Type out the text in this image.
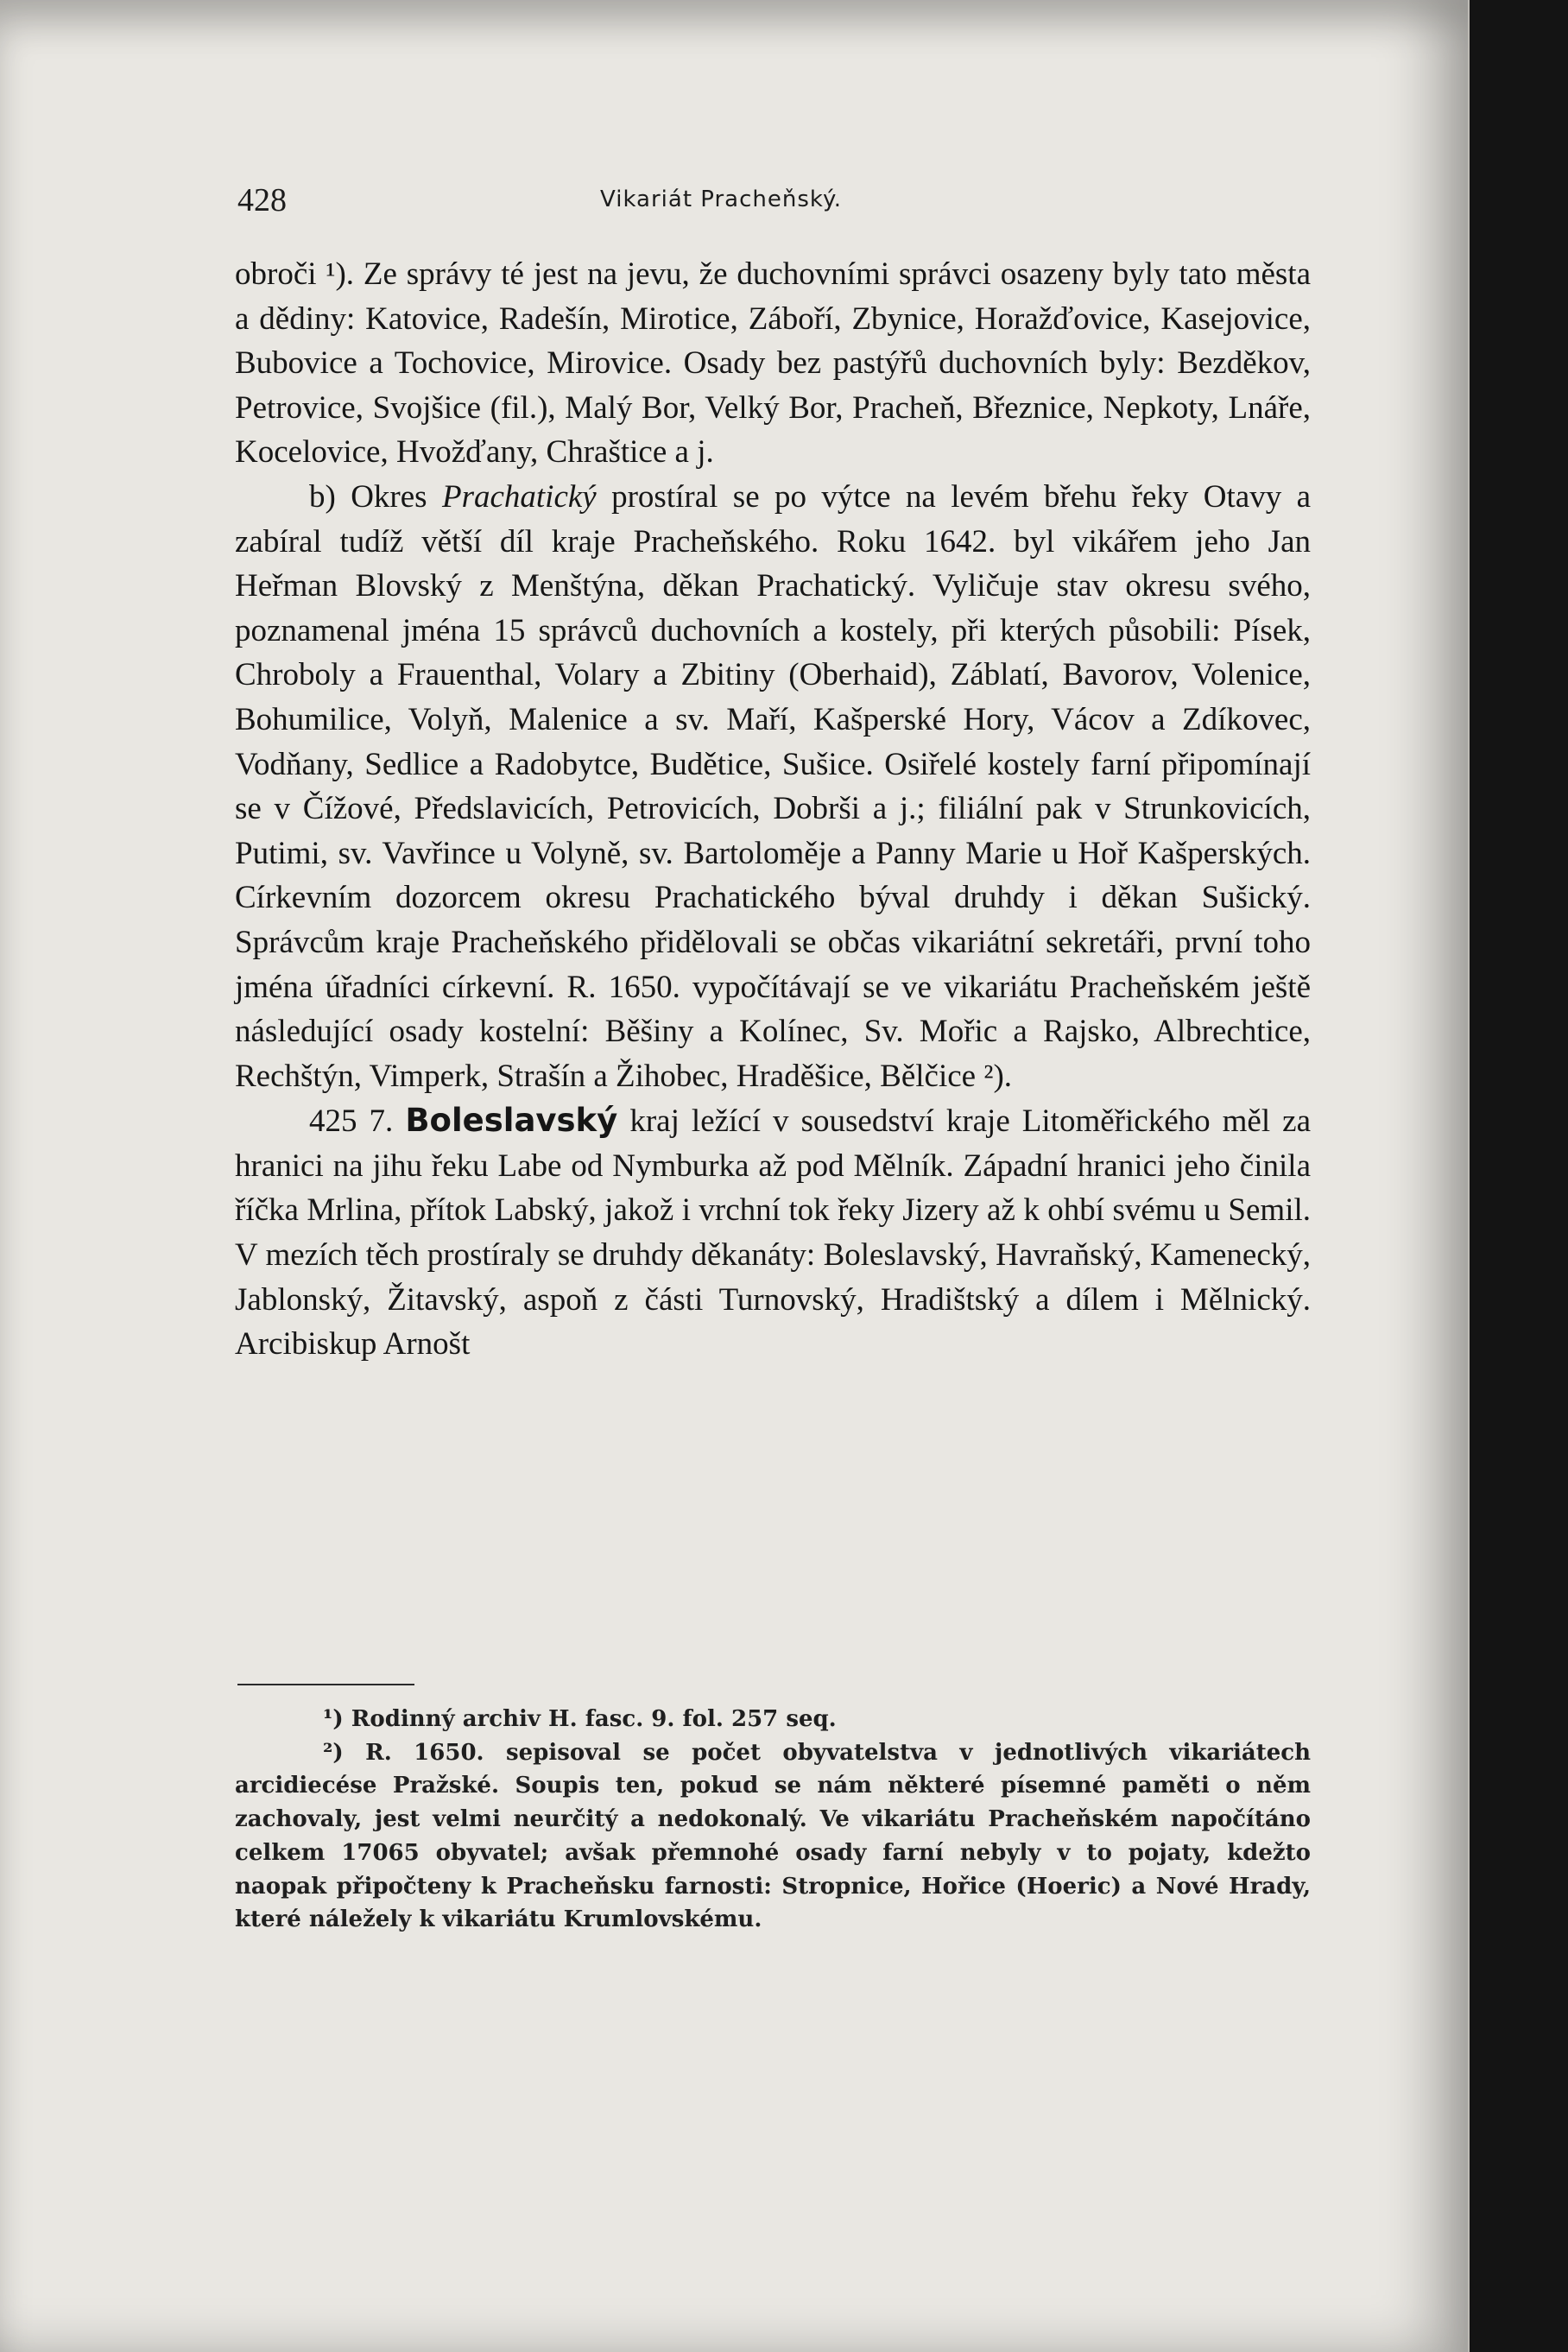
428	Vikariát Pracheňský.

obroči ¹). Ze správy té jest na jevu, že duchovními správci osazeny byly tato města a dědiny: Katovice, Radešín, Mirotice, Záboří, Zbynice, Horažďovice, Kasejovice, Bubovice a Tochovice, Mirovice. Osady bez pastýřů duchovních byly: Bezděkov, Petrovice, Svojšice (fil.), Malý Bor, Velký Bor, Pracheň, Březnice, Nepkoty, Lnáře, Kocelovice, Hvožďany, Chraštice a j.

b) Okres Prachatický prostíral se po výtce na levém břehu řeky Otavy a zabíral tudíž větší díl kraje Pracheňského. Roku 1642. byl vikářem jeho Jan Heřman Blovský z Menštýna, děkan Prachatický. Vyličuje stav okresu svého, poznamenal jména 15 správců duchovních a kostely, při kterých působili: Písek, Chroboly a Frauenthal, Volary a Zbitiny (Oberhaid), Záblatí, Bavorov, Volenice, Bohumilice, Volyň, Malenice a sv. Maří, Kašperské Hory, Vácov a Zdíkovec, Vodňany, Sedlice a Radobytce, Budětice, Sušice. Osiřelé kostely farní připomínají se v Čížové, Předslavicích, Petrovicích, Dobrši a j.; filiální pak v Strunkovicích, Putimi, sv. Vavřince u Volyně, sv. Bartoloměje a Panny Marie u Hoř Kašperských. Církevním dozorcem okresu Prachatického býval druhdy i děkan Sušický. Správcům kraje Pracheňského přidělovali se občas vikariátní sekretáři, první toho jména úřadníci církevní. R. 1650. vypočítávají se ve vikariátu Pracheňském ještě následující osady kostelní: Běšiny a Kolínec, Sv. Mořic a Rajsko, Albrechtice, Rechštýn, Vimperk, Strašín a Žihobec, Hraděšice, Bělčice ²).

425 7. Boleslavský kraj ležící v sousedství kraje Litoměřického měl za hranici na jihu řeku Labe od Nymburka až pod Mělník. Západní hranici jeho činila říčka Mrlina, přítok Labský, jakož i vrchní tok řeky Jizery až k ohbí svému u Semil. V mezích těch prostíraly se druhdy děkanáty: Boleslavský, Havraňský, Kamenecký, Jablonský, Žitavský, aspoň z části Turnovský, Hradištský a dílem i Mělnický. Arcibiskup Arnošt

¹) Rodinný archiv H. fasc. 9. fol. 257 seq.

²) R. 1650. sepisoval se počet obyvatelstva v jednotlivých vikariátech arcidiecése Pražské. Soupis ten, pokud se nám některé písemné paměti o něm zachovaly, jest velmi neurčitý a nedokonalý. Ve vikariátu Pracheňském napočítáno celkem 17065 obyvatel; avšak přemnohé osady farní nebyly v to pojaty, kdežto naopak připočteny k Pracheňsku farnosti: Stropnice, Hořice (Hoeric) a Nové Hrady, které náležely k vikariátu Krumlovskému.
